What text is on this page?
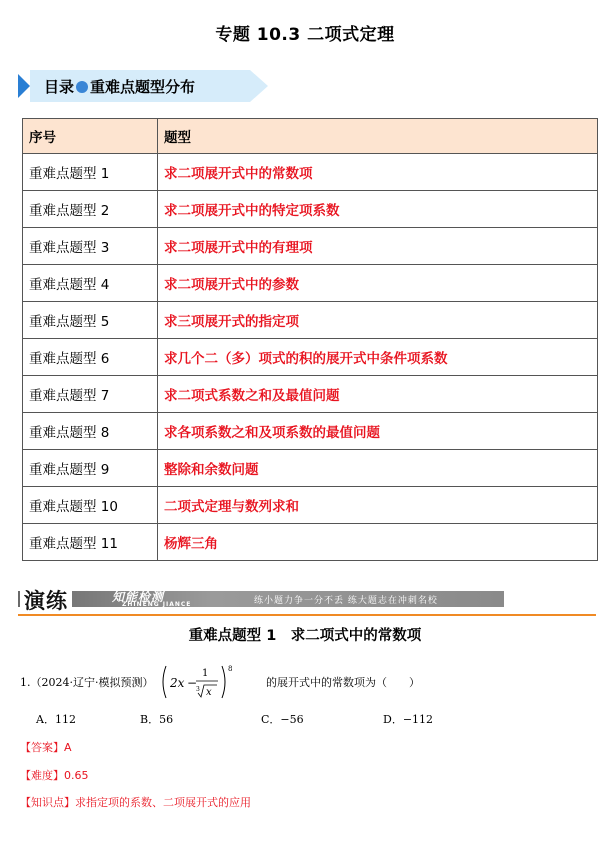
专题 10.3 二项式定理
目录 重难点题型分布
序号	题型
重难点题型 1	求二项展开式中的常数项
重难点题型 2	求二项展开式中的特定项系数
重难点题型 3	求二项展开式中的有理项
重难点题型 4	求二项展开式中的参数
重难点题型 5	求三项展开式的指定项
重难点题型 6	求几个二（多）项式的积的展开式中条件项系数
重难点题型 7	求二项式系数之和及最值问题
重难点题型 8	求各项系数之和及项系数的最值问题
重难点题型 9	整除和余数问题
重难点题型 10	二项式定理与数列求和
重难点题型 11	杨辉三角
演练	知能检测
ZHINENG JIANCE	练小题力争一分不丢 练大题志在冲刺名校
重难点题型 1　求二项式中的常数项
1.（2024·辽宁·模拟预测） 2x −
1
3 x
8
的展开式中的常数项为（　　）
A．112	B．56	C．−56	D．−112
【答案】A
【难度】0.65
【知识点】求指定项的系数、二项展开式的应用
